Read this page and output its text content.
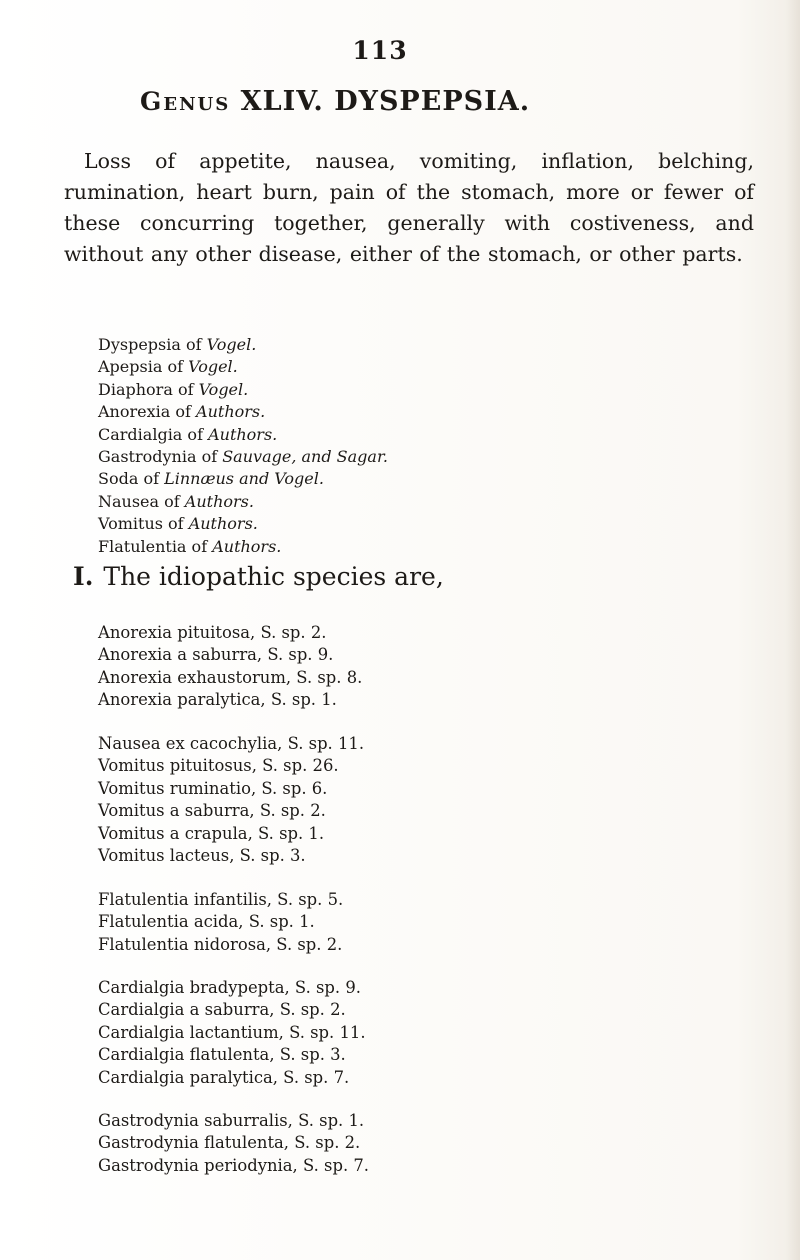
113
Genus XLIV. DYSPEPSIA.
Loss of appetite, nausea, vomiting, inflation, belching, rumination, heart burn, pain of the stomach, more or fewer of these concurring together, generally with costiveness, and without any other disease, either of the stomach, or other parts.
Dyspepsia of Vogel.
Apepsia of Vogel.
Diaphora of Vogel.
Anorexia of Authors.
Cardialgia of Authors.
Gastrodynia of Sauvage, and Sagar.
Soda of Linnæus and Vogel.
Nausea of Authors.
Vomitus of Authors.
Flatulentia of Authors.
I. The idiopathic species are,
Anorexia pituitosa, S. sp. 2.
Anorexia a saburra, S. sp. 9.
Anorexia exhaustorum, S. sp. 8.
Anorexia paralytica, S. sp. 1.
Nausea ex cacochylia, S. sp. 11.
Vomitus pituitosus, S. sp. 26.
Vomitus ruminatio, S. sp. 6.
Vomitus a saburra, S. sp. 2.
Vomitus a crapula, S. sp. 1.
Vomitus lacteus, S. sp. 3.
Flatulentia infantilis, S. sp. 5.
Flatulentia acida, S. sp. 1.
Flatulentia nidorosa, S. sp. 2.
Cardialgia bradypepta, S. sp. 9.
Cardialgia a saburra, S. sp. 2.
Cardialgia lactantium, S. sp. 11.
Cardialgia flatulenta, S. sp. 3.
Cardialgia paralytica, S. sp. 7.
Gastrodynia saburralis, S. sp. 1.
Gastrodynia flatulenta, S. sp. 2.
Gastrodynia periodynia, S. sp. 7.
